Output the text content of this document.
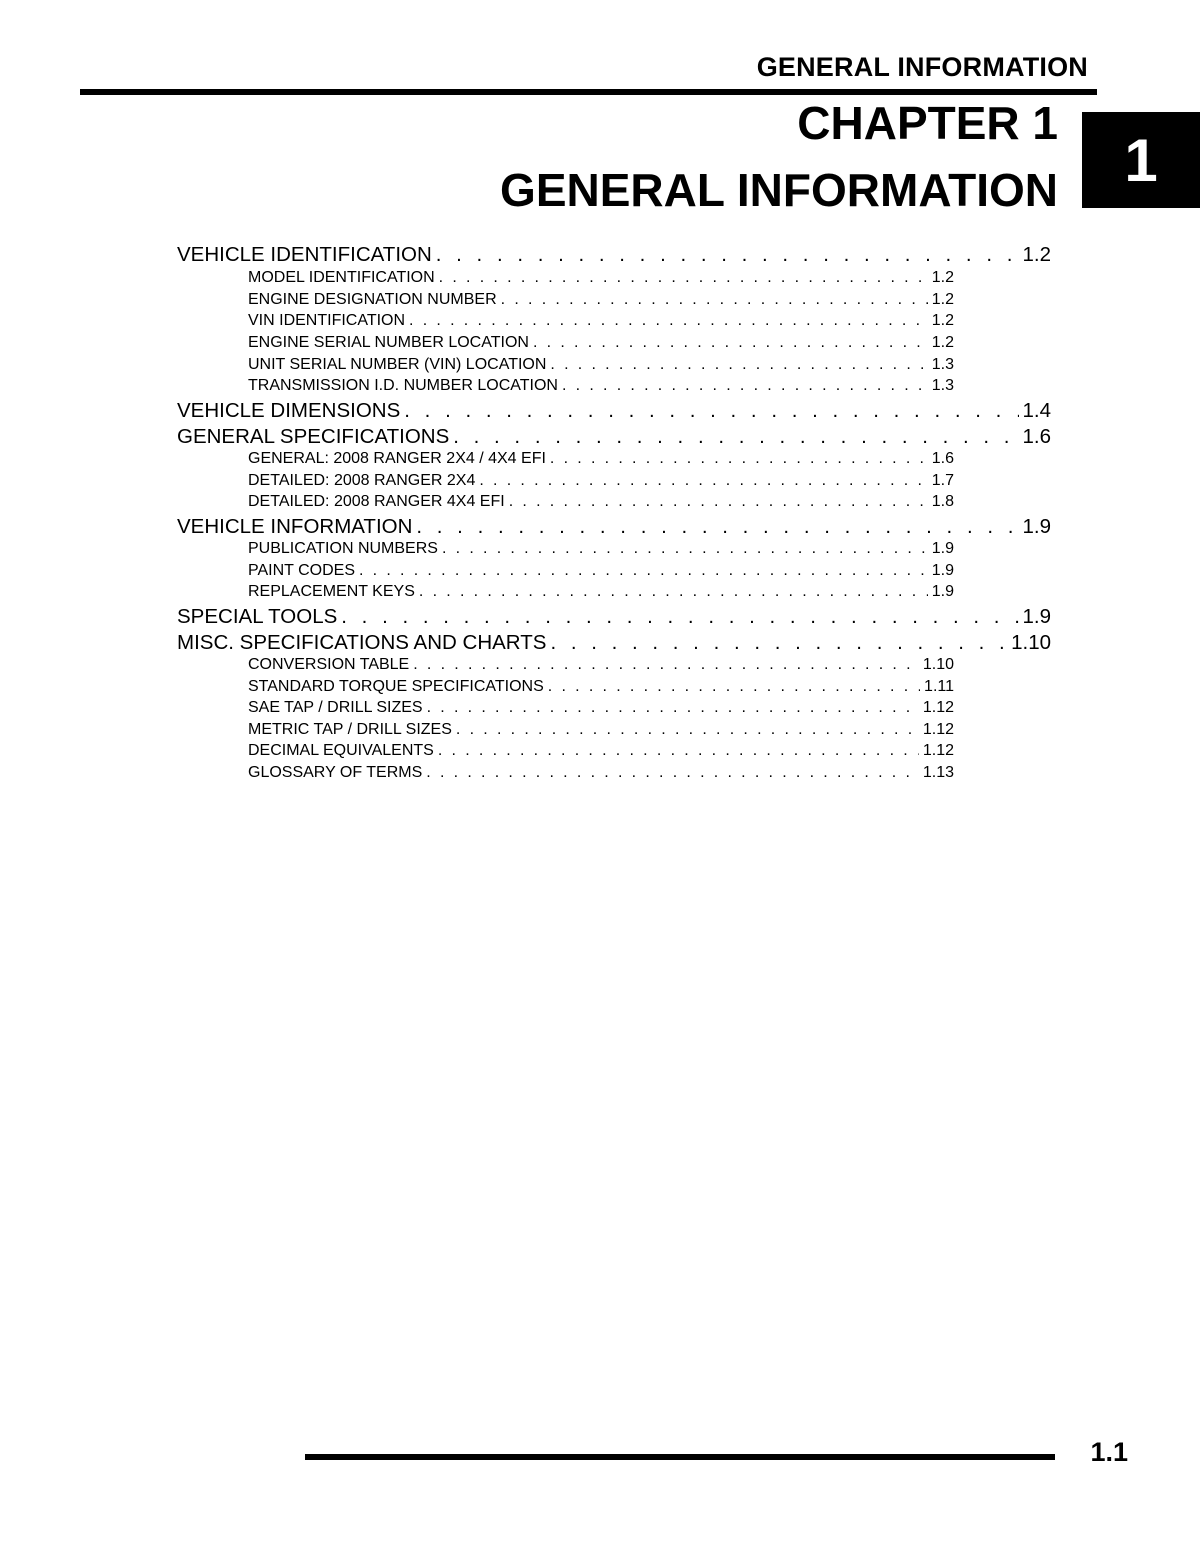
GENERAL INFORMATION
CHAPTER 1
GENERAL INFORMATION 1
VEHICLE IDENTIFICATION . . .	1.2
MODEL IDENTIFICATION . . .	1.2
ENGINE DESIGNATION NUMBER . . .	1.2
VIN IDENTIFICATION . . .	1.2
ENGINE SERIAL NUMBER LOCATION . . .	1.2
UNIT SERIAL NUMBER (VIN) LOCATION . . .	1.3
TRANSMISSION I.D. NUMBER LOCATION . . .	1.3
VEHICLE DIMENSIONS . . .	1.4
GENERAL SPECIFICATIONS . . .	1.6
GENERAL: 2008 RANGER 2X4 / 4X4 EFI . . .	1.6
DETAILED: 2008 RANGER 2X4 . . .	1.7
DETAILED: 2008 RANGER 4X4 EFI . . .	1.8
VEHICLE INFORMATION . . .	1.9
PUBLICATION NUMBERS . . .	1.9
PAINT CODES . . .	1.9
REPLACEMENT KEYS . . .	1.9
SPECIAL TOOLS . . .	1.9
MISC. SPECIFICATIONS AND CHARTS . . .	1.10
CONVERSION TABLE . . .	1.10
STANDARD TORQUE SPECIFICATIONS . . .	1.11
SAE TAP / DRILL SIZES . . .	1.12
METRIC TAP / DRILL SIZES . . .	1.12
DECIMAL EQUIVALENTS . . .	1.12
GLOSSARY OF TERMS . . .	1.13
1.1
